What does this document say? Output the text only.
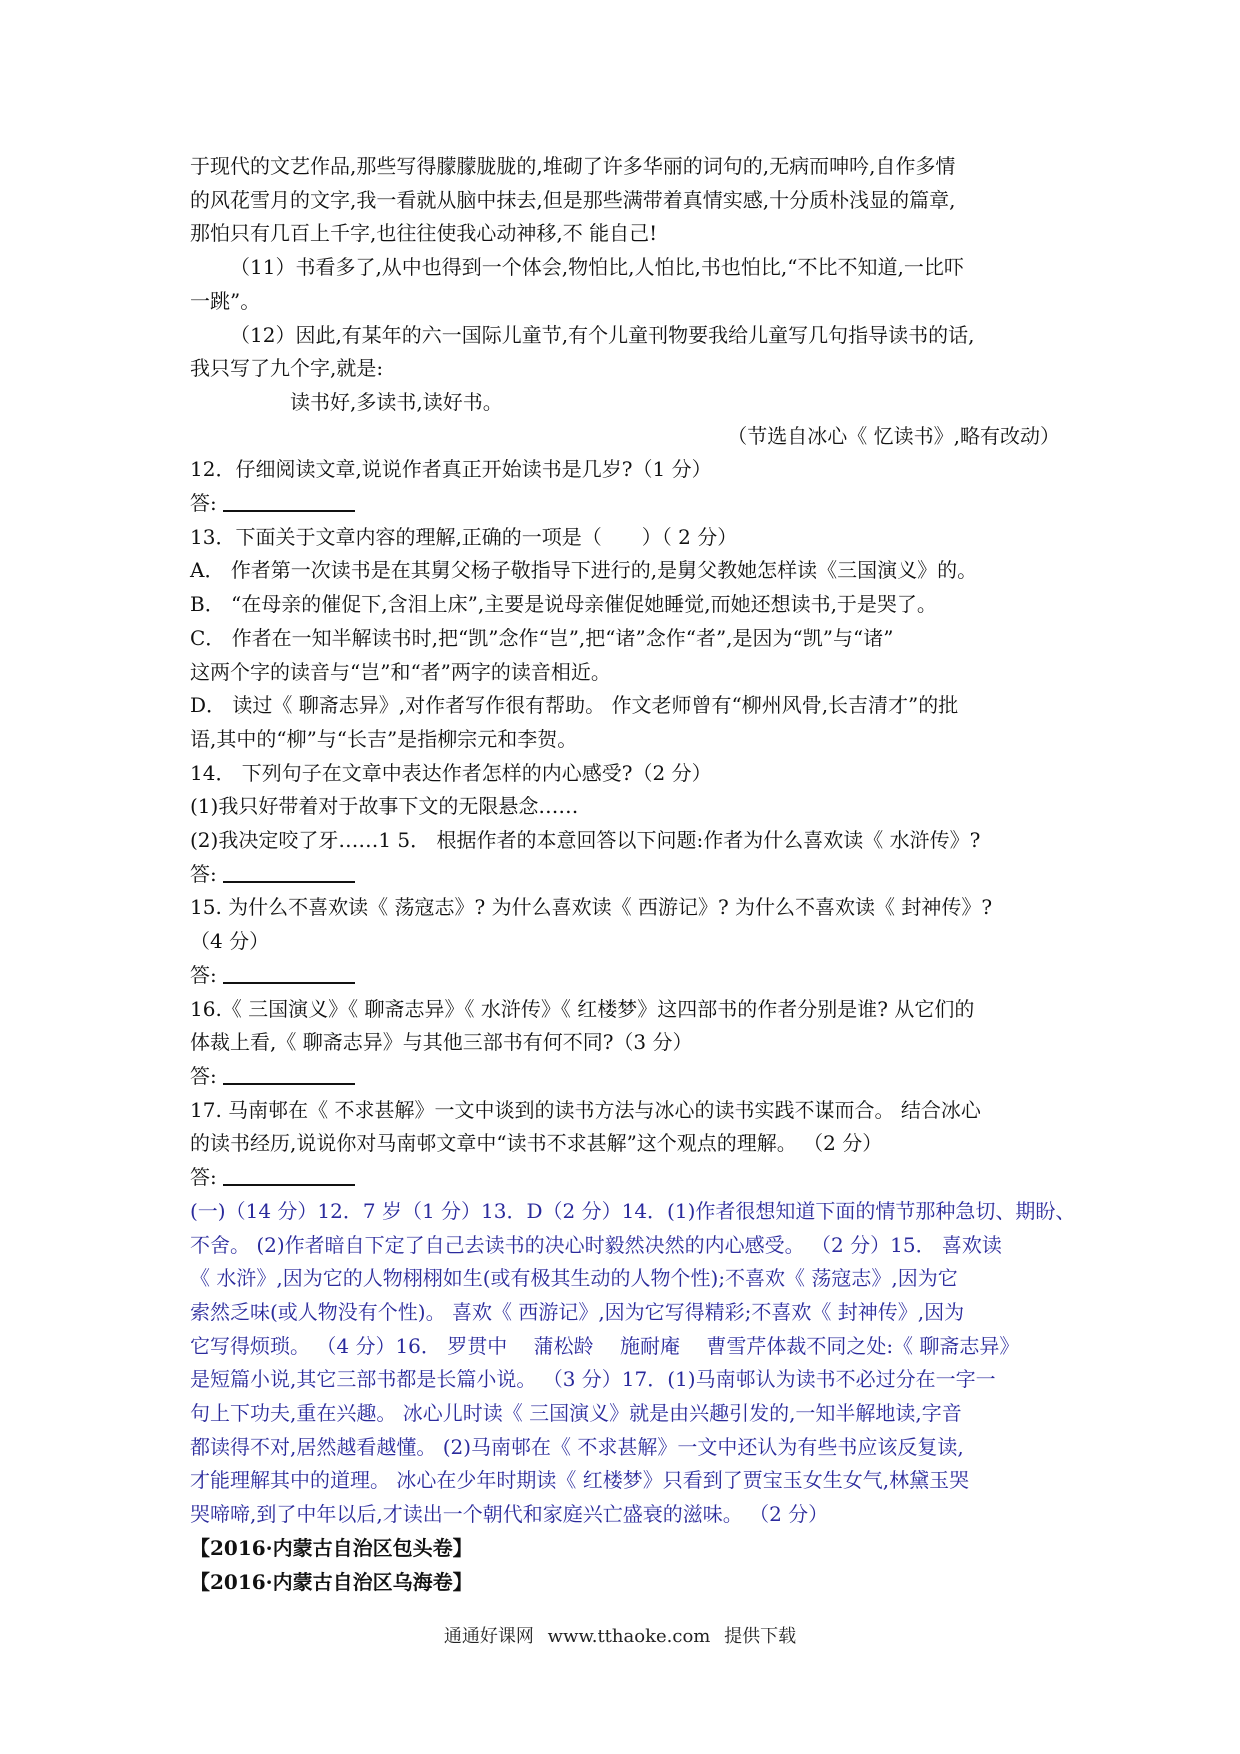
于现代的文艺作品,那些写得朦朦胧胧的,堆砌了许多华丽的词句的,无病而呻吟,自作多情
的风花雪月的文字,我一看就从脑中抹去,但是那些满带着真情实感,十分质朴浅显的篇章,
那怕只有几百上千字,也往往使我心动神移,不 能自己!
（11）书看多了,从中也得到一个体会,物怕比,人怕比,书也怕比,“不比不知道,一比吓
一跳”。
（12）因此,有某年的六一国际儿童节,有个儿童刊物要我给儿童写几句指导读书的话,
我只写了九个字,就是:
读书好,多读书,读好书。
（节选自冰心《 忆读书》,略有改动）
12．仔细阅读文章,说说作者真正开始读书是几岁?（1 分）
答:
13．下面关于文章内容的理解,正确的一项是（　　）（ 2 分）
A． 作者第一次读书是在其舅父杨子敬指导下进行的,是舅父教她怎样读《三国演义》的。
B． “在母亲的催促下,含泪上床”,主要是说母亲催促她睡觉,而她还想读书,于是哭了。
C． 作者在一知半解读书时,把“凯”念作“岂”,把“诸”念作“者”,是因为“凯”与“诸”
这两个字的读音与“岂”和“者”两字的读音相近。
D． 读过《 聊斋志异》,对作者写作很有帮助。 作文老师曾有“柳州风骨,长吉清才”的批
语,其中的“柳”与“长吉”是指柳宗元和李贺。
14． 下列句子在文章中表达作者怎样的内心感受?（2 分）
(1)我只好带着对于故事下文的无限悬念……
(2)我决定咬了牙……1 5． 根据作者的本意回答以下问题:作者为什么喜欢读《 水浒传》?
答:
15. 为什么不喜欢读《 荡寇志》? 为什么喜欢读《 西游记》? 为什么不喜欢读《 封神传》?
（4 分）
答:
16.《 三国演义》《 聊斋志异》《 水浒传》《 红楼梦》这四部书的作者分别是谁? 从它们的
体裁上看,《 聊斋志异》与其他三部书有何不同?（3 分）
答:
17. 马南邨在《 不求甚解》一文中谈到的读书方法与冰心的读书实践不谋而合。 结合冰心
的读书经历,说说你对马南邨文章中“读书不求甚解”这个观点的理解。 （2 分）
答:
(一)（14 分）12．7 岁（1 分）13．D（2 分）14．(1)作者很想知道下面的情节那种急切、期盼、
不舍。 (2)作者暗自下定了自己去读书的决心时毅然决然的内心感受。 （2 分）15． 喜欢读
《 水浒》,因为它的人物栩栩如生(或有极其生动的人物个性);不喜欢《 荡寇志》,因为它
索然乏味(或人物没有个性)。 喜欢《 西游记》,因为它写得精彩;不喜欢《 封神传》,因为
它写得烦琐。 （4 分）16． 罗贯中　 蒲松龄　 施耐庵　 曹雪芹体裁不同之处:《 聊斋志异》
是短篇小说,其它三部书都是长篇小说。 （3 分）17．(1)马南邨认为读书不必过分在一字一
句上下功夫,重在兴趣。 冰心儿时读《 三国演义》就是由兴趣引发的,一知半解地读,字音
都读得不对,居然越看越懂。 (2)马南邨在《 不求甚解》一文中还认为有些书应该反复读,
才能理解其中的道理。 冰心在少年时期读《 红楼梦》只看到了贾宝玉女生女气,林黛玉哭
哭啼啼,到了中年以后,才读出一个朝代和家庭兴亡盛衰的滋味。 （2 分）
【2016·内蒙古自治区包头卷】
【2016·内蒙古自治区乌海卷】
通通好课网 www.tthaoke.com 提供下载
